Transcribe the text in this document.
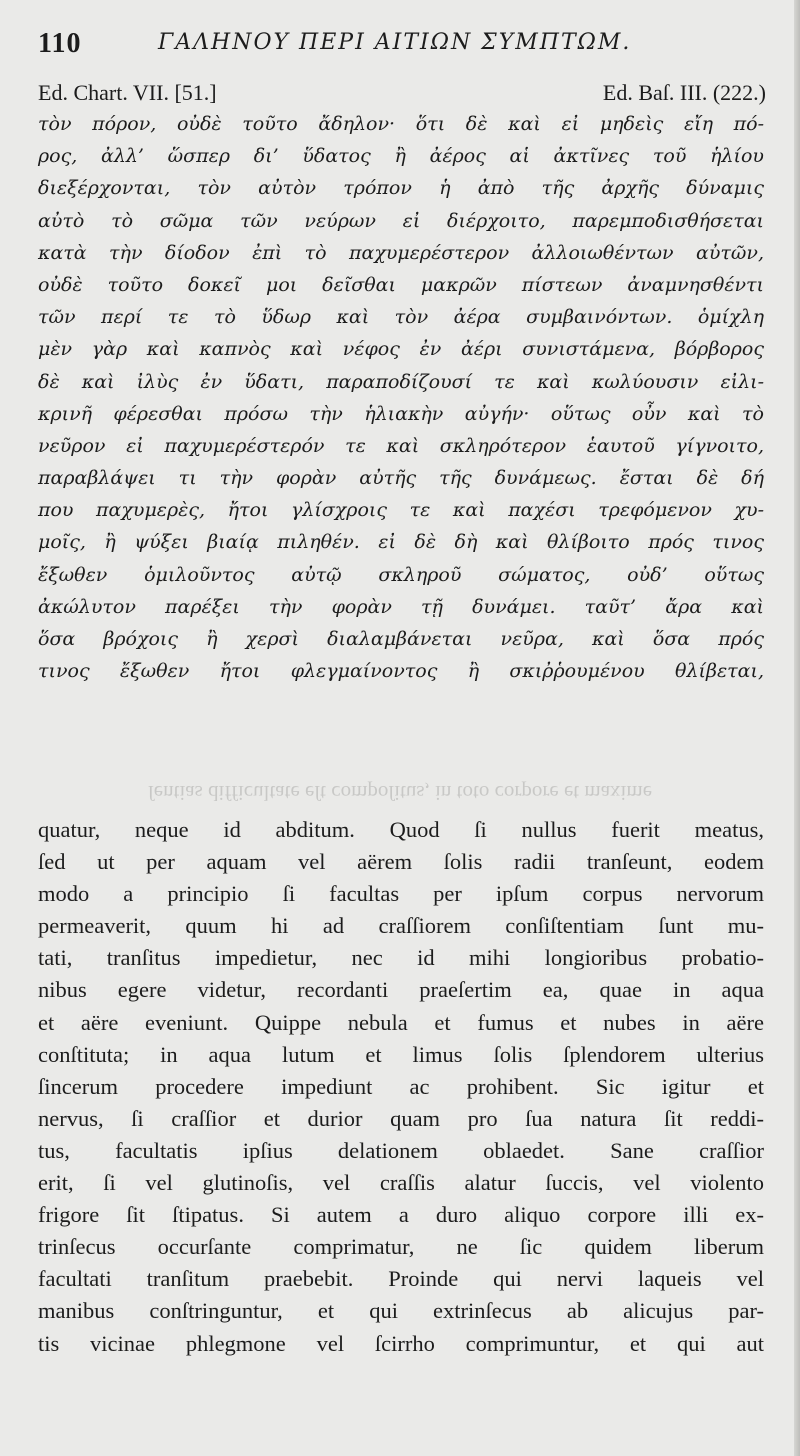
110	ΓΑΛΗΝΟΥ ΠΕΡΙ ΑΙΤΙΩΝ ΣΥΜΠΤΩΜ.
Ed. Chart. VII. [51.]	Ed. Baſ. III. (222.)
τὸν πόρον, οὐδὲ τοῦτο ἄδηλον· ὅτι δὲ καὶ εἰ μηδεὶς εἴη πό-
ρος, ἀλλ’ ὥσπερ δι’ ὕδατος ἢ ἀέρος αἱ ἀκτῖνες τοῦ ἡλίου
διεξέρχονται, τὸν αὐτὸν τρόπον ἡ ἀπὸ τῆς ἀρχῆς δύναμις
αὐτὸ τὸ σῶμα τῶν νεύρων εἰ διέρχοιτο, παρεμποδισθήσεται
κατὰ τὴν δίοδον ἐπὶ τὸ παχυμερέστερον ἀλλοιωθέντων αὐτῶν,
οὐδὲ τοῦτο δοκεῖ μοι δεῖσθαι μακρῶν πίστεων ἀναμνησθέντι
τῶν περί τε τὸ ὕδωρ καὶ τὸν ἀέρα συμβαινόντων. ὁμίχλη
μὲν γὰρ καὶ καπνὸς καὶ νέφος ἐν ἀέρι συνιστάμενα, βόρβορος
δὲ καὶ ἰλὺς ἐν ὕδατι, παραποδίζουσί τε καὶ κωλύουσιν εἰλι-
κρινῆ φέρεσθαι πρόσω τὴν ἡλιακὴν αὐγήν· οὕτως οὖν καὶ τὸ
νεῦρον εἰ παχυμερέστερόν τε καὶ σκληρότερον ἑαυτοῦ γίγνοιτο,
παραβλάψει τι τὴν φορὰν αὐτῆς τῆς δυνάμεως. ἔσται δὲ δή
που παχυμερὲς, ἤτοι γλίσχροις τε καὶ παχέσι τρεφόμενον χυ-
μοῖς, ἢ ψύξει βιαίᾳ πιληθέν. εἰ δὲ δὴ καὶ θλίβοιτο πρός τινος
ἔξωθεν ὁμιλοῦντος αὐτῷ σκληροῦ σώματος, οὐδ’ οὕτως
ἀκώλυτον παρέξει τὴν φορὰν τῇ δυνάμει. ταῦτ’ ἄρα καὶ
ὅσα βρόχοις ἢ χερσὶ διαλαμβάνεται νεῦρα, καὶ ὅσα πρός
τινος ἔξωθεν ἤτοι φλεγμαίνοντος ἢ σκιῤῥουμένου θλίβεται,
ſentias difficultate eſt compoſitus, in toto corpore et maxime
quatur, neque id abditum. Quod ſi nullus fuerit meatus,
ſed ut per aquam vel aërem ſolis radii tranſeunt, eodem
modo a principio ſi facultas per ipſum corpus nervorum
permeaverit, quum hi ad craſſiorem conſiſtentiam ſunt mu-
tati, tranſitus impedietur, nec id mihi longioribus probatio-
nibus egere videtur, recordanti praeſertim ea, quae in aqua
et aëre eveniunt. Quippe nebula et fumus et nubes in aëre
conſtituta; in aqua lutum et limus ſolis ſplendorem ulterius
ſincerum procedere impediunt ac prohibent. Sic igitur et
nervus, ſi craſſior et durior quam pro ſua natura ſit reddi-
tus, facultatis ipſius delationem oblaedet. Sane craſſior
erit, ſi vel glutinoſis, vel craſſis alatur ſuccis, vel violento
frigore ſit ſtipatus. Si autem a duro aliquo corpore illi ex-
trinſecus occurſante comprimatur, ne ſic quidem liberum
facultati tranſitum praebebit. Proinde qui nervi laqueis vel
manibus conſtringuntur, et qui extrinſecus ab alicujus par-
tis vicinae phlegmone vel ſcirrho comprimuntur, et qui aut
